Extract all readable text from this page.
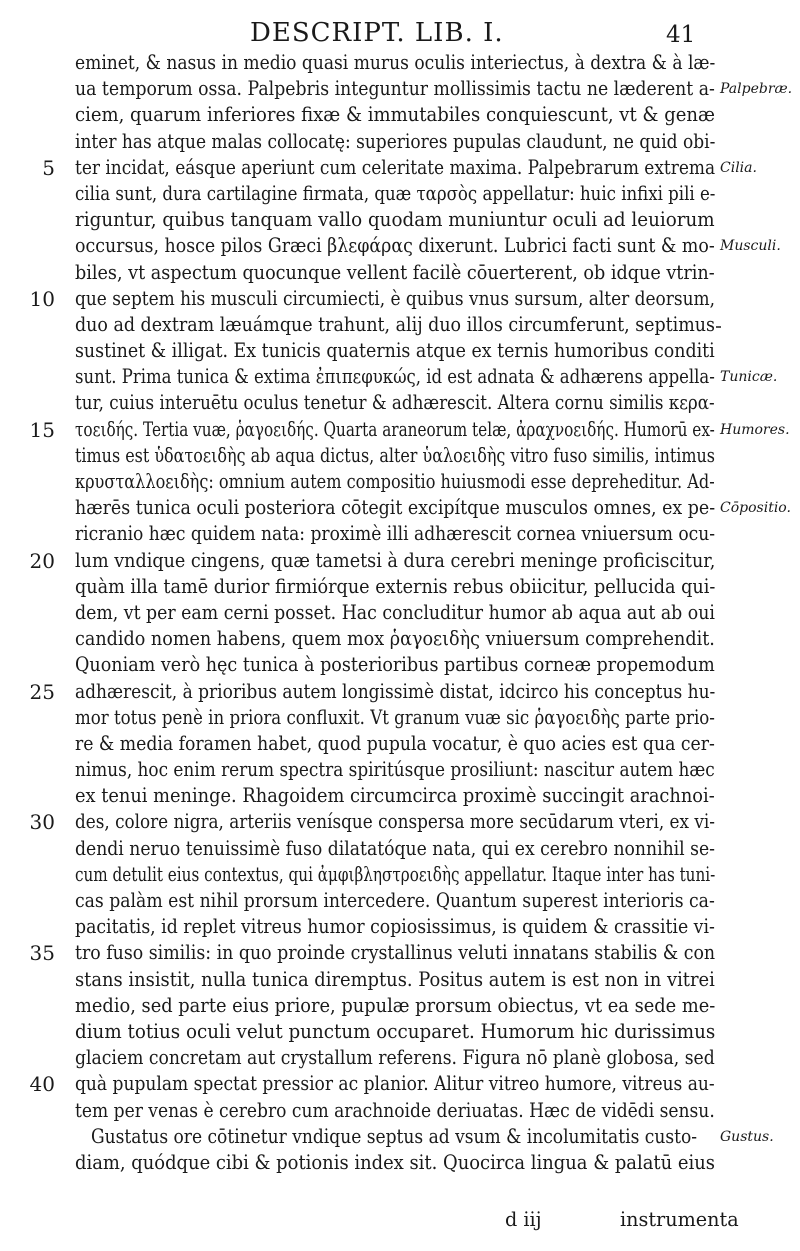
DESCRIPT. LIB. I.	41
eminet, & nasus in medio quasi murus oculis interiectus, à dextra & à læ-
ua temporum ossa. Palpebris integuntur mollissimis tactu ne læderent a-
ciem, quarum inferiores fixæ & immutabiles conquiescunt, vt & genæ
inter has atque malas collocatę: superiores pupulas claudunt, ne quid obi-
5 ter incidat, eásque aperiunt cum celeritate maxima. Palpebrarum extrema
cilia sunt, dura cartilagine firmata, quæ ταρσὸς appellatur: huic infixi pili e-
riguntur, quibus tanquam vallo quodam muniuntur oculi ad leuiorum
occursus, hosce pilos Græci βλεφάρας dixerunt. Lubrici facti sunt & mo-
biles, vt aspectum quocunque vellent facilè cōuerterent, ob idque vtrin-
10 que septem his musculi circumiecti, è quibus vnus sursum, alter deorsum,
duo ad dextram læuámque trahunt, alij duo illos circumferunt, septimus
sustinet & illigat. Ex tunicis quaternis atque ex ternis humoribus conditi
sunt. Prima tunica & extima ἐπιπεφυκώς, id est adnata & adhærens appella-
tur, cuius interuētu oculus tenetur & adhærescit. Altera cornu similis κερα-
15 τοειδής. Tertia vuæ, ῥαγοειδής. Quarta araneorum telæ, ἀραχνοειδής. Humorū ex-
timus est ὑδατοειδὴς ab aqua dictus, alter ὑαλοειδὴς vitro fuso similis, intimus
κρυσταλλοειδὴς: omnium autem compositio huiusmodi esse depreheditur. Ad-
hærēs tunica oculi posteriora cōtegit excipítque musculos omnes, ex pe-
ricranio hæc quidem nata: proximè illi adhærescit cornea vniuersum ocu-
20 lum vndique cingens, quæ tametsi à dura cerebri meninge proficiscitur,
quàm illa tamē durior firmiórque externis rebus obiicitur, pellucida qui-
dem, vt per eam cerni posset. Hac concluditur humor ab aqua aut ab oui
candido nomen habens, quem mox ῥαγοειδὴς vniuersum comprehendit.
Quoniam verò hęc tunica à posterioribus partibus corneæ propemodum
25 adhærescit, à prioribus autem longissimè distat, idcirco his conceptus hu-
mor totus penè in priora confluxit. Vt granum vuæ sic ῥαγοειδὴς parte prio-
re & media foramen habet, quod pupula vocatur, è quo acies est qua cer-
nimus, hoc enim rerum spectra spiritúsque prosiliunt: nascitur autem hæc
ex tenui meninge. Rhagoidem circumcirca proximè succingit arachnoi-
30 des, colore nigra, arteriis venísque conspersa more secūdarum vteri, ex vi-
dendi neruo tenuissimè fuso dilatatóque nata, qui ex cerebro nonnihil se-
cum detulit eius contextus, qui ἀμφιβληστροειδὴς appellatur. Itaque inter has tuni-
cas palàm est nihil prorsum intercedere. Quantum superest interioris ca-
pacitatis, id replet vitreus humor copiosissimus, is quidem & crassitie vi-
35 tro fuso similis: in quo proinde crystallinus veluti innatans stabilis & con
stans insistit, nulla tunica diremptus. Positus autem is est non in vitrei
medio, sed parte eius priore, pupulæ prorsum obiectus, vt ea sede me-
dium totius oculi velut punctum occuparet. Humorum hic durissimus
glaciem concretam aut crystallum referens. Figura nō planè globosa, sed
40 quà pupulam spectat pressior ac planior. Alitur vitreo humore, vitreus au-
tem per venas è cerebro cum arachnoide deriuatas. Hæc de vidēdi sensu.
Gustatus ore cōtinetur vndique septus ad vsum & incolumitatis custo-
diam, quódque cibi & potionis index sit. Quocirca lingua & palatū eius
Palpebræ.
Cilia.
Musculi.
Tunicæ.
Humores.
Cōpositio.
Gustus.
d iij	instrumenta
